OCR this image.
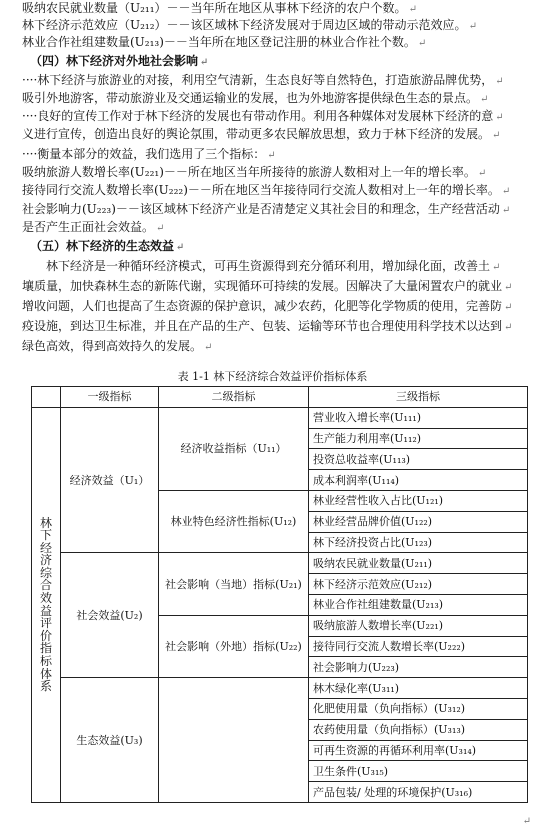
吸纳农民就业数量（U₂₁₁）－－当年所在地区从事林下经济的农户个数。 ↵
林下经济示范效应（U₂₁₂）－－该区域林下经济发展对于周边区域的带动示范效应。 ↵
林业合作社组建数量(U₂₁₃)－－当年所在地区登记注册的林业合作社个数。 ↵
（四）林下经济对外地社会影响 ↵
····林下经济与旅游业的对接，利用空气清新，生态良好等自然特色，打造旅游品牌优势， ↵
吸引外地游客，带动旅游业及交通运输业的发展，也为外地游客提供绿色生态的景点。 ↵
····良好的宣传工作对于林下经济的发展也有带动作用。利用各种媒体对发展林下经济的意 ↵
义进行宣传，创造出良好的舆论氛围，带动更多农民解放思想，致力于林下经济的发展。 ↵
····衡量本部分的效益，我们选用了三个指标： ↵
吸纳旅游人数增长率(U₂₂₁)－－所在地区当年所接待的旅游人数相对上一年的增长率。 ↵
接待同行交流人数增长率(U₂₂₂)－－所在地区当年接待同行交流人数相对上一年的增长率。 ↵
社会影响力(U₂₂₃)－－该区域林下经济产业是否清楚定义其社会目的和理念，生产经营活动 ↵
是否产生正面社会效益。 ↵
（五）林下经济的生态效益 ↵
　　林下经济是一种循环经济模式，可再生资源得到充分循环利用，增加绿化面，改善土 ↵
壤质量，加快森林生态的新陈代谢，实现循环可持续的发展。因解决了大量闲置农户的就业 ↵
增收问题，人们也提高了生态资源的保护意识，减少农药，化肥等化学物质的使用，完善防 ↵
疫设施，到达卫生标准，并且在产品的生产、包装、运输等环节也合理使用科学技术以达到 ↵
绿色高效，得到高效持久的发展。 ↵
表 1-1 林下经济综合效益评价指标体系
	一级指标	二级指标	三级指标
林下经济综合效益评价指标体系	经济效益（U₁）	经济收益指标（U₁₁）	营业收入增长率(U₁₁₁)
			生产能力利用率(U₁₁₂)
			投资总收益率(U₁₁₃)
			成本利润率(U₁₁₄)
		林业特色经济性指标(U₁₂)	林业经营性收入占比(U₁₂₁)
			林业经营品牌价值(U₁₂₂)
			林下经济投资占比(U₁₂₃)
	社会效益(U₂)	社会影响（当地）指标(U₂₁)	吸纳农民就业数量(U₂₁₁)
			林下经济示范效应(U₂₁₂)
			林业合作社组建数量(U₂₁₃)
		社会影响（外地）指标(U₂₂)	吸纳旅游人数增长率(U₂₂₁)
			接待同行交流人数增长率(U₂₂₂)
			社会影响力(U₂₂₃)
	生态效益(U₃)		林木绿化率(U₃₁₁)
			化肥使用量（负向指标）(U₃₁₂)
			农药使用量（负向指标）(U₃₁₃)
			可再生资源的再循环利用率(U₃₁₄)
			卫生条件(U₃₁₅)
			产品包装/ 处理的环境保护(U₃₁₆)
↵
